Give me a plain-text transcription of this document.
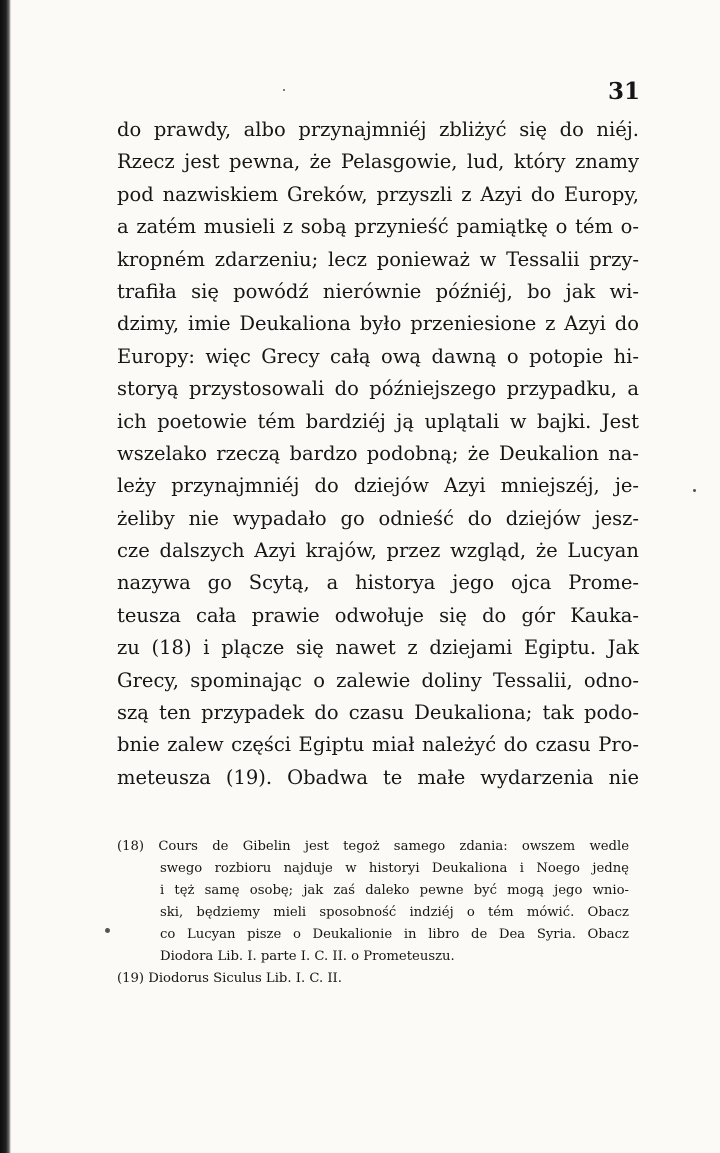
31
do prawdy, albo przynajmniéj zbliżyć się do niéj.
Rzecz jest pewna, że Pelasgowie, lud, który znamy
pod nazwiskiem Greków, przyszli z Azyi do Europy,
a zatém musieli z sobą przynieść pamiątkę o tém o-
kropném zdarzeniu; lecz ponieważ w Tessalii przy-
trafiła się powódź nierównie późniéj, bo jak wi-
dzimy, imie Deukaliona było przeniesione z Azyi do
Europy: więc Grecy całą ową dawną o potopie hi-
storyą przystosowali do późniejszego przypadku, a
ich poetowie tém bardziéj ją uplątali w bajki. Jest
wszelako rzeczą bardzo podobną; że Deukalion na-
leży przynajmniéj do dziejów Azyi mniejszéj, je-
żeliby nie wypadało go odnieść do dziejów jesz-
cze dalszych Azyi krajów, przez wzgląd, że Lucyan
nazywa go Scytą, a historya jego ojca Prome-
teusza cała prawie odwołuje się do gór Kauka-
zu (18) i plącze się nawet z dziejami Egiptu. Jak
Grecy, spominając o zalewie doliny Tessalii, odno-
szą ten przypadek do czasu Deukaliona; tak podo-
bnie zalew części Egiptu miał należyć do czasu Pro-
meteusza (19). Obadwa te małe wydarzenia nie
(18) Cours de Gibelin jest tegoż samego zdania: owszem wedle
swego rozbioru najduje w historyi Deukaliona i Noego jednę
i tęż samę osobę; jak zaś daleko pewne być mogą jego wnio-
ski, będziemy mieli sposobność indziéj o tém mówić. Obacz
co Lucyan pisze o Deukalionie in libro de Dea Syria. Obacz
Diodora Lib. I. parte I. C. II. o Prometeuszu.
(19) Diodorus Siculus Lib. I. C. II.
